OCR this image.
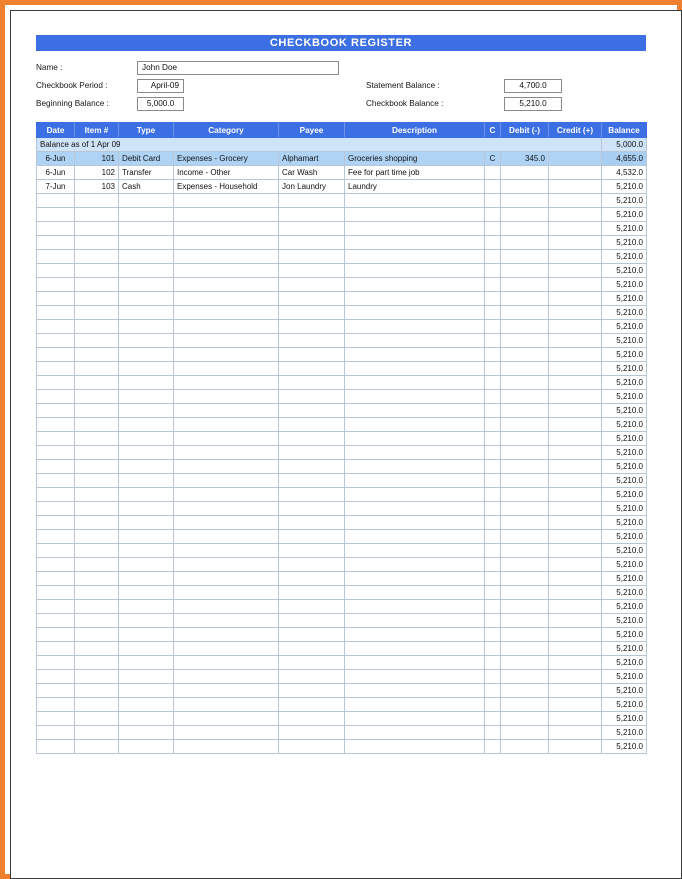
CHECKBOOK REGISTER
Name :	John Doe
Checkbook Period :	April-09
Beginning Balance :	5,000.0
Statement Balance :	4,700.0
Checkbook Balance :	5,210.0
Date	Item #	Type	Category	Payee	Description	C	Debit (-)	Credit (+)	Balance
Balance as of 1 Apr 09									5,000.0
6-Jun	101	Debit Card	Expenses - Grocery	Alphamart	Groceries shopping	C	345.0		4,655.0
6-Jun	102	Transfer	Income - Other	Car Wash	Fee for part time job		123.0		4,532.0
7-Jun	103	Cash	Expenses - Household	Jon Laundry	Laundry			678.0	5,210.0
									5,210.0
									5,210.0
									5,210.0
									5,210.0
									5,210.0
									5,210.0
									5,210.0
									5,210.0
									5,210.0
									5,210.0
									5,210.0
									5,210.0
									5,210.0
									5,210.0
									5,210.0
									5,210.0
									5,210.0
									5,210.0
									5,210.0
									5,210.0
									5,210.0
									5,210.0
									5,210.0
									5,210.0
									5,210.0
									5,210.0
									5,210.0
									5,210.0
									5,210.0
									5,210.0
									5,210.0
									5,210.0
									5,210.0
									5,210.0
									5,210.0
									5,210.0
									5,210.0
									5,210.0
									5,210.0
									5,210.0
